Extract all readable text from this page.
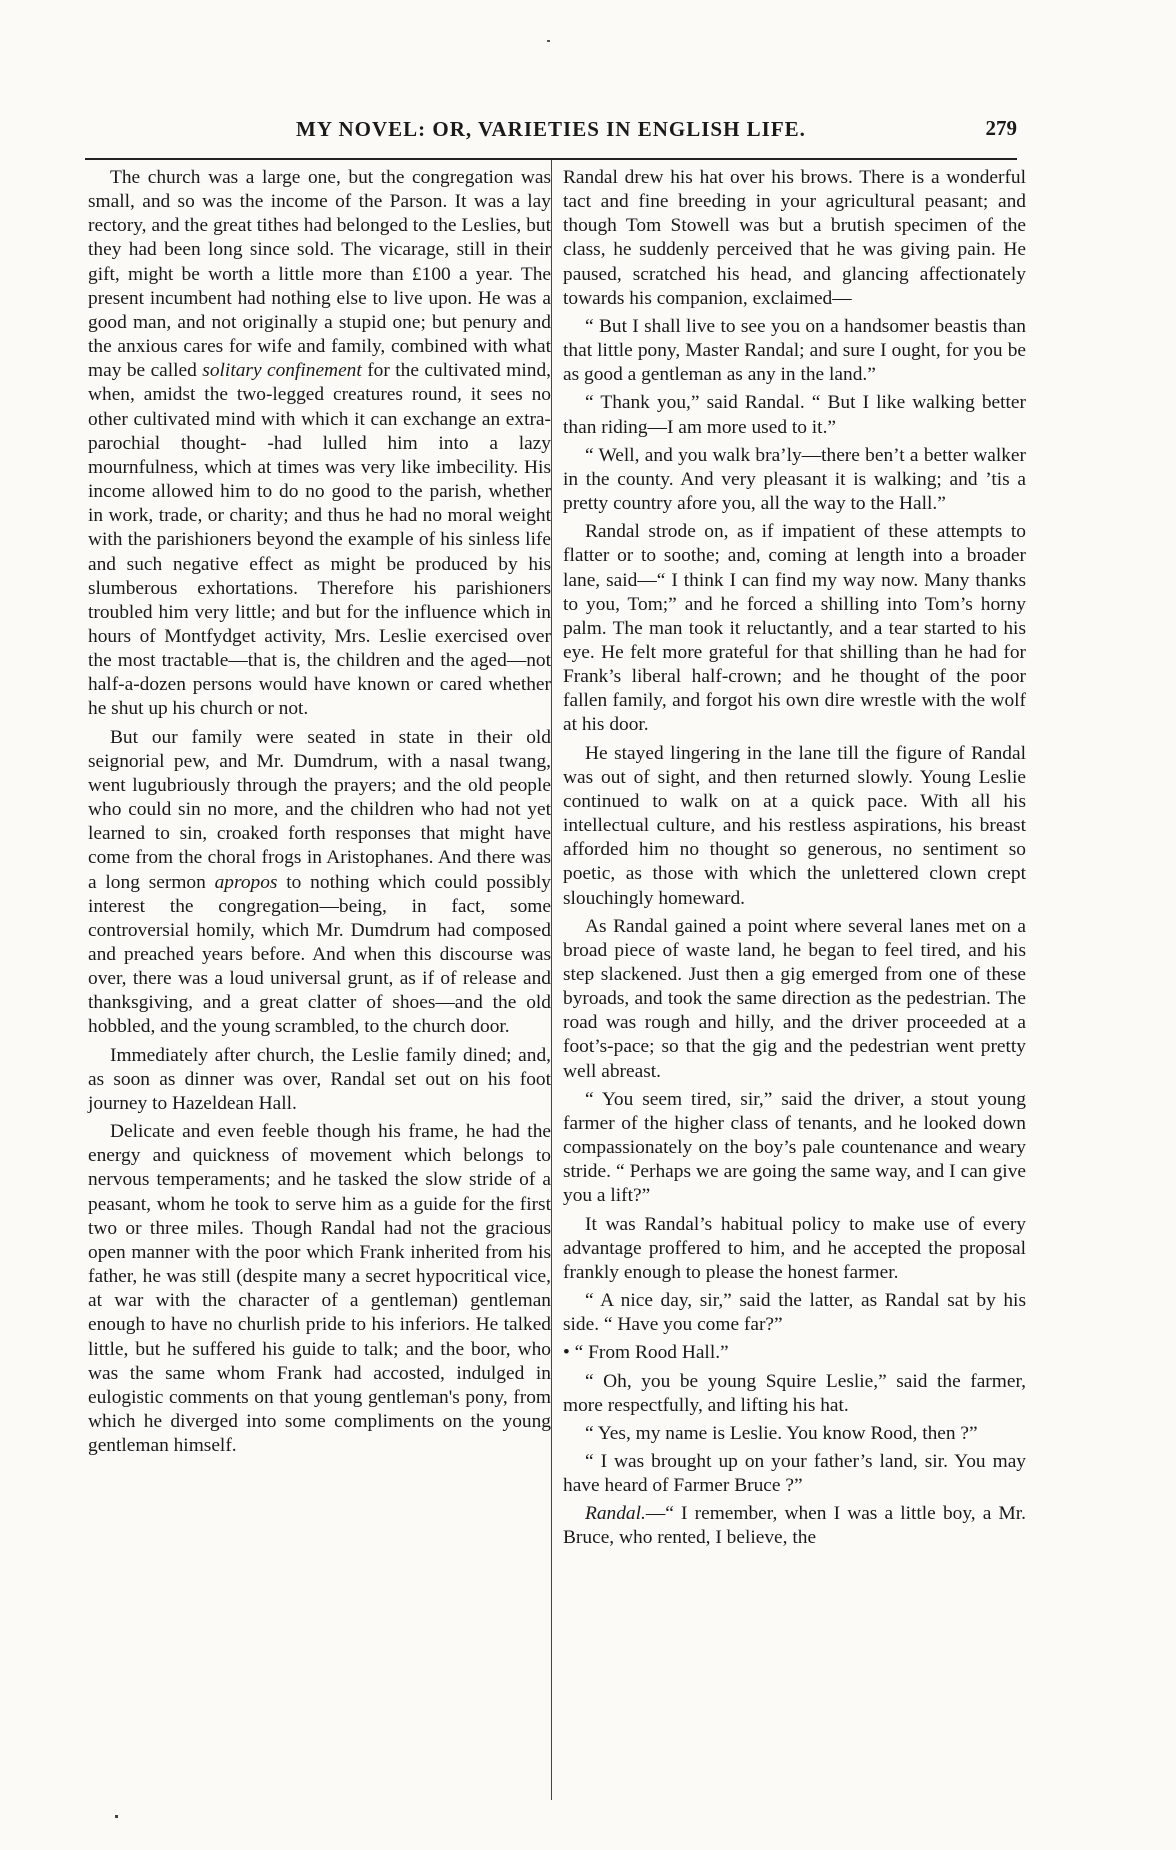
MY NOVEL: OR, VARIETIES IN ENGLISH LIFE.	279

The church was a large one, but the congregation was small, and so was the income of the Parson. It was a lay rectory, and the great tithes had belonged to the Leslies, but they had been long since sold. The vicarage, still in their gift, might be worth a little more than £100 a year. The present incumbent had nothing else to live upon. He was a good man, and not originally a stupid one; but penury and the anxious cares for wife and family, combined with what may be called solitary confinement for the cultivated mind, when, amidst the two-legged creatures round, it sees no other cultivated mind with which it can exchange an extra-parochial thought- -had lulled him into a lazy mournfulness, which at times was very like imbecility. His income allowed him to do no good to the parish, whether in work, trade, or charity; and thus he had no moral weight with the parishioners beyond the example of his sinless life and such negative effect as might be produced by his slumberous exhortations. Therefore his parishioners troubled him very little; and but for the influence which in hours of Montfydget activity, Mrs. Leslie exercised over the most tractable—that is, the children and the aged—not half-a-dozen persons would have known or cared whether he shut up his church or not.

But our family were seated in state in their old seignorial pew, and Mr. Dumdrum, with a nasal twang, went lugubriously through the prayers; and the old people who could sin no more, and the children who had not yet learned to sin, croaked forth responses that might have come from the choral frogs in Aristophanes. And there was a long sermon apropos to nothing which could possibly interest the congregation—being, in fact, some controversial homily, which Mr. Dumdrum had composed and preached years before. And when this discourse was over, there was a loud universal grunt, as if of release and thanksgiving, and a great clatter of shoes—and the old hobbled, and the young scrambled, to the church door.

Immediately after church, the Leslie family dined; and, as soon as dinner was over, Randal set out on his foot journey to Hazeldean Hall.

Delicate and even feeble though his frame, he had the energy and quickness of movement which belongs to nervous temperaments; and he tasked the slow stride of a peasant, whom he took to serve him as a guide for the first two or three miles. Though Randal had not the gracious open manner with the poor which Frank inherited from his father, he was still (despite many a secret hypocritical vice, at war with the character of a gentleman) gentleman enough to have no churlish pride to his inferiors. He talked little, but he suffered his guide to talk; and the boor, who was the same whom Frank had accosted, indulged in eulogistic comments on that young gentleman's pony, from which he diverged into some compliments on the young gentleman himself.

Randal drew his hat over his brows. There is a wonderful tact and fine breeding in your agricultural peasant; and though Tom Stowell was but a brutish specimen of the class, he suddenly perceived that he was giving pain. He paused, scratched his head, and glancing affectionately towards his companion, exclaimed—

“ But I shall live to see you on a handsomer beastis than that little pony, Master Randal; and sure I ought, for you be as good a gentleman as any in the land.”

“ Thank you,” said Randal. “ But I like walking better than riding—I am more used to it.”

“ Well, and you walk bra’ly—there ben’t a better walker in the county. And very pleasant it is walking; and ’tis a pretty country afore you, all the way to the Hall.”

Randal strode on, as if impatient of these attempts to flatter or to soothe; and, coming at length into a broader lane, said—“ I think I can find my way now. Many thanks to you, Tom;” and he forced a shilling into Tom’s horny palm. The man took it reluctantly, and a tear started to his eye. He felt more grateful for that shilling than he had for Frank’s liberal half-crown; and he thought of the poor fallen family, and forgot his own dire wrestle with the wolf at his door.

He stayed lingering in the lane till the figure of Randal was out of sight, and then returned slowly. Young Leslie continued to walk on at a quick pace. With all his intellectual culture, and his restless aspirations, his breast afforded him no thought so generous, no sentiment so poetic, as those with which the unlettered clown crept slouchingly homeward.

As Randal gained a point where several lanes met on a broad piece of waste land, he began to feel tired, and his step slackened. Just then a gig emerged from one of these byroads, and took the same direction as the pedestrian. The road was rough and hilly, and the driver proceeded at a foot’s-pace; so that the gig and the pedestrian went pretty well abreast.

“ You seem tired, sir,” said the driver, a stout young farmer of the higher class of tenants, and he looked down compassionately on the boy’s pale countenance and weary stride. “ Perhaps we are going the same way, and I can give you a lift?”

It was Randal’s habitual policy to make use of every advantage proffered to him, and he accepted the proposal frankly enough to please the honest farmer.

“ A nice day, sir,” said the latter, as Randal sat by his side. “ Have you come far?”

• “ From Rood Hall.”

“ Oh, you be young Squire Leslie,” said the farmer, more respectfully, and lifting his hat.

“ Yes, my name is Leslie. You know Rood, then ?”

“ I was brought up on your father’s land, sir. You may have heard of Farmer Bruce ?”

Randal.—“ I remember, when I was a little boy, a Mr. Bruce, who rented, I believe, the
